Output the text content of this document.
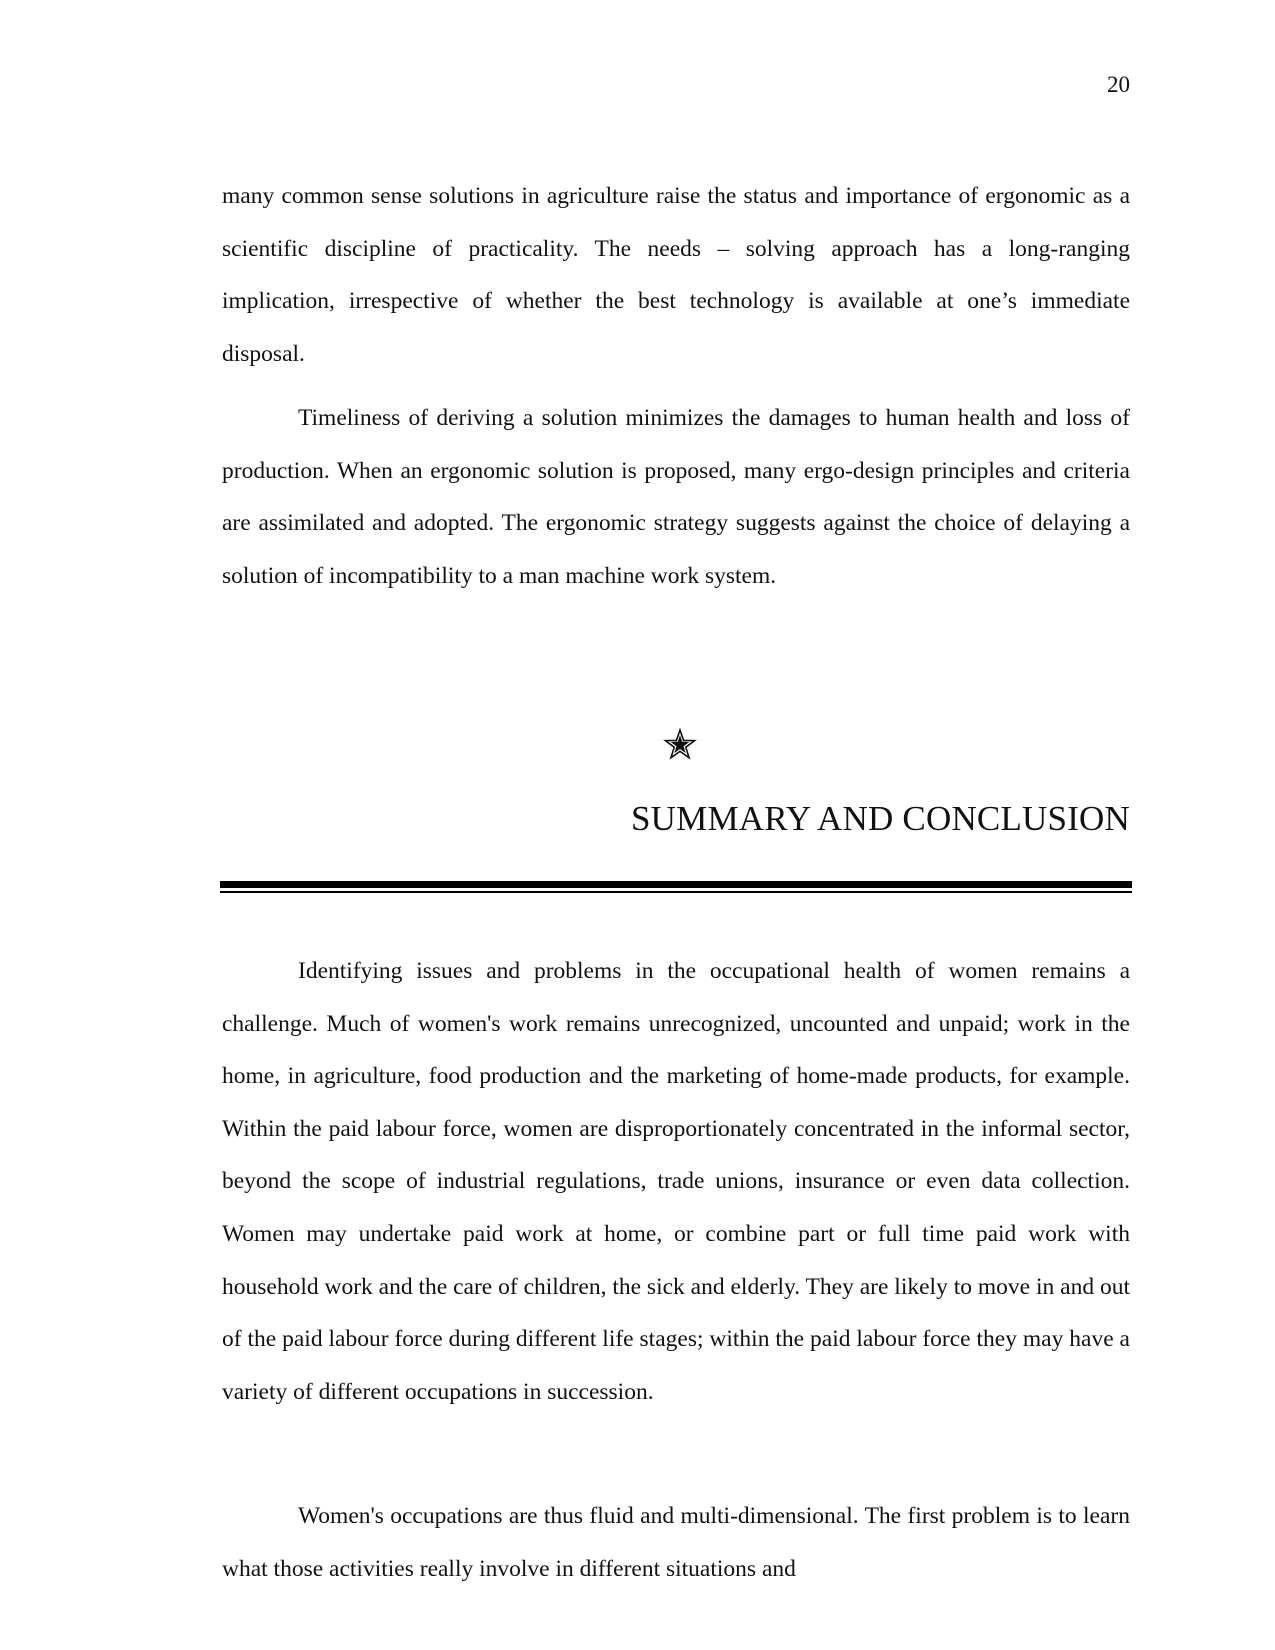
20

many common sense solutions in agriculture raise the status and importance of ergonomic as a scientific discipline of practicality. The needs – solving approach has a long-ranging implication, irrespective of whether the best technology is available at one’s immediate disposal.

Timeliness of deriving a solution minimizes the damages to human health and loss of production. When an ergonomic solution is proposed, many ergo-design principles and criteria are assimilated and adopted. The ergonomic strategy suggests against the choice of delaying a solution of incompatibility to a man machine work system.

SUMMARY AND CONCLUSION

Identifying issues and problems in the occupational health of women remains a challenge. Much of women's work remains unrecognized, uncounted and unpaid; work in the home, in agriculture, food production and the marketing of home-made products, for example. Within the paid labour force, women are disproportionately concentrated in the informal sector, beyond the scope of industrial regulations, trade unions, insurance or even data collection. Women may undertake paid work at home, or combine part or full time paid work with household work and the care of children, the sick and elderly. They are likely to move in and out of the paid labour force during different life stages; within the paid labour force they may have a variety of different occupations in succession.

Women's occupations are thus fluid and multi-dimensional. The first problem is to learn what those activities really involve in different situations and
